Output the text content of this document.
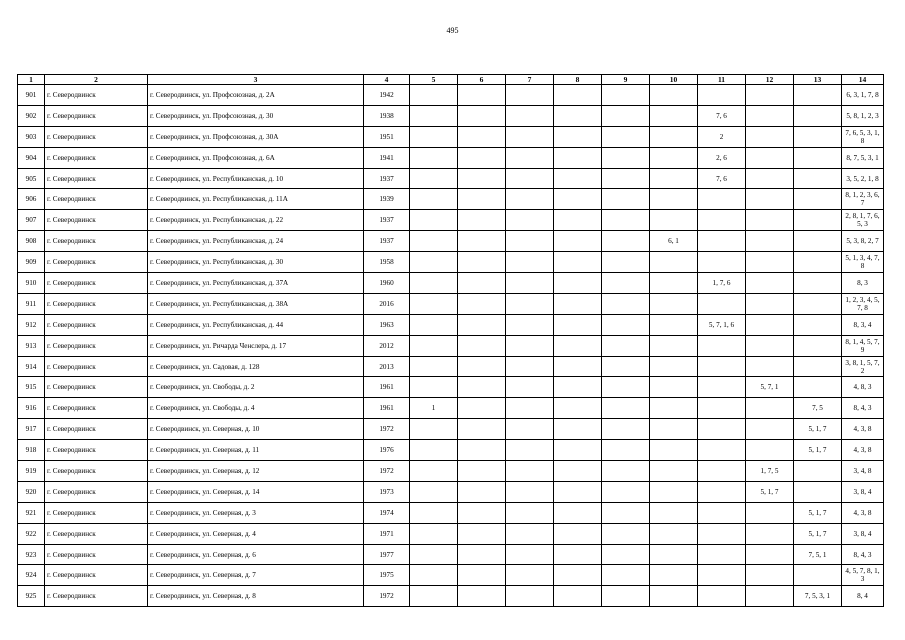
495
1	2	3	4	5	6	7	8	9	10	11	12	13	14
901	г. Северодвинск	г. Северодвинск, ул. Профсоюзная, д. 2А	1942										6, 3, 1, 7, 8
902	г. Северодвинск	г. Северодвинск, ул. Профсоюзная, д. 30	1938							7, 6			5, 8, 1, 2, 3
903	г. Северодвинск	г. Северодвинск, ул. Профсоюзная, д. 30А	1951							2			7, 6, 5, 3, 1, 8
904	г. Северодвинск	г. Северодвинск, ул. Профсоюзная, д. 6А	1941							2, 6			8, 7, 5, 3, 1
905	г. Северодвинск	г. Северодвинск, ул. Республиканская, д. 10	1937							7, 6			3, 5, 2, 1, 8
906	г. Северодвинск	г. Северодвинск, ул. Республиканская, д. 11А	1939										8, 1, 2, 3, 6, 7
907	г. Северодвинск	г. Северодвинск, ул. Республиканская, д. 22	1937										2, 8, 1, 7, 6, 5, 3
908	г. Северодвинск	г. Северодвинск, ул. Республиканская, д. 24	1937						6, 1				5, 3, 8, 2, 7
909	г. Северодвинск	г. Северодвинск, ул. Республиканская, д. 30	1958										5, 1, 3, 4, 7, 8
910	г. Северодвинск	г. Северодвинск, ул. Республиканская, д. 37А	1960							1, 7, 6			8, 3
911	г. Северодвинск	г. Северодвинск, ул. Республиканская, д. 38А	2016										1, 2, 3, 4, 5, 7, 8
912	г. Северодвинск	г. Северодвинск, ул. Республиканская, д. 44	1963							5, 7, 1, 6			8, 3, 4
913	г. Северодвинск	г. Северодвинск, ул. Ричарда Ченслера, д. 17	2012										8, 1, 4, 5, 7, 9
914	г. Северодвинск	г. Северодвинск, ул. Садовая, д. 128	2013										3, 8, 1, 5, 7, 2
915	г. Северодвинск	г. Северодвинск, ул. Свободы, д. 2	1961								5, 7, 1		4, 8, 3
916	г. Северодвинск	г. Северодвинск, ул. Свободы, д. 4	1961	1								7, 5	8, 4, 3
917	г. Северодвинск	г. Северодвинск, ул. Северная, д. 10	1972									5, 1, 7	4, 3, 8
918	г. Северодвинск	г. Северодвинск, ул. Северная, д. 11	1976									5, 1, 7	4, 3, 8
919	г. Северодвинск	г. Северодвинск, ул. Северная, д. 12	1972								1, 7, 5		3, 4, 8
920	г. Северодвинск	г. Северодвинск, ул. Северная, д. 14	1973								5, 1, 7		3, 8, 4
921	г. Северодвинск	г. Северодвинск, ул. Северная, д. 3	1974									5, 1, 7	4, 3, 8
922	г. Северодвинск	г. Северодвинск, ул. Северная, д. 4	1971									5, 1, 7	3, 8, 4
923	г. Северодвинск	г. Северодвинск, ул. Северная, д. 6	1977									7, 5, 1	8, 4, 3
924	г. Северодвинск	г. Северодвинск, ул. Северная, д. 7	1975										4, 5, 7, 8, 1, 3
925	г. Северодвинск	г. Северодвинск, ул. Северная, д. 8	1972									7, 5, 3, 1	8, 4
